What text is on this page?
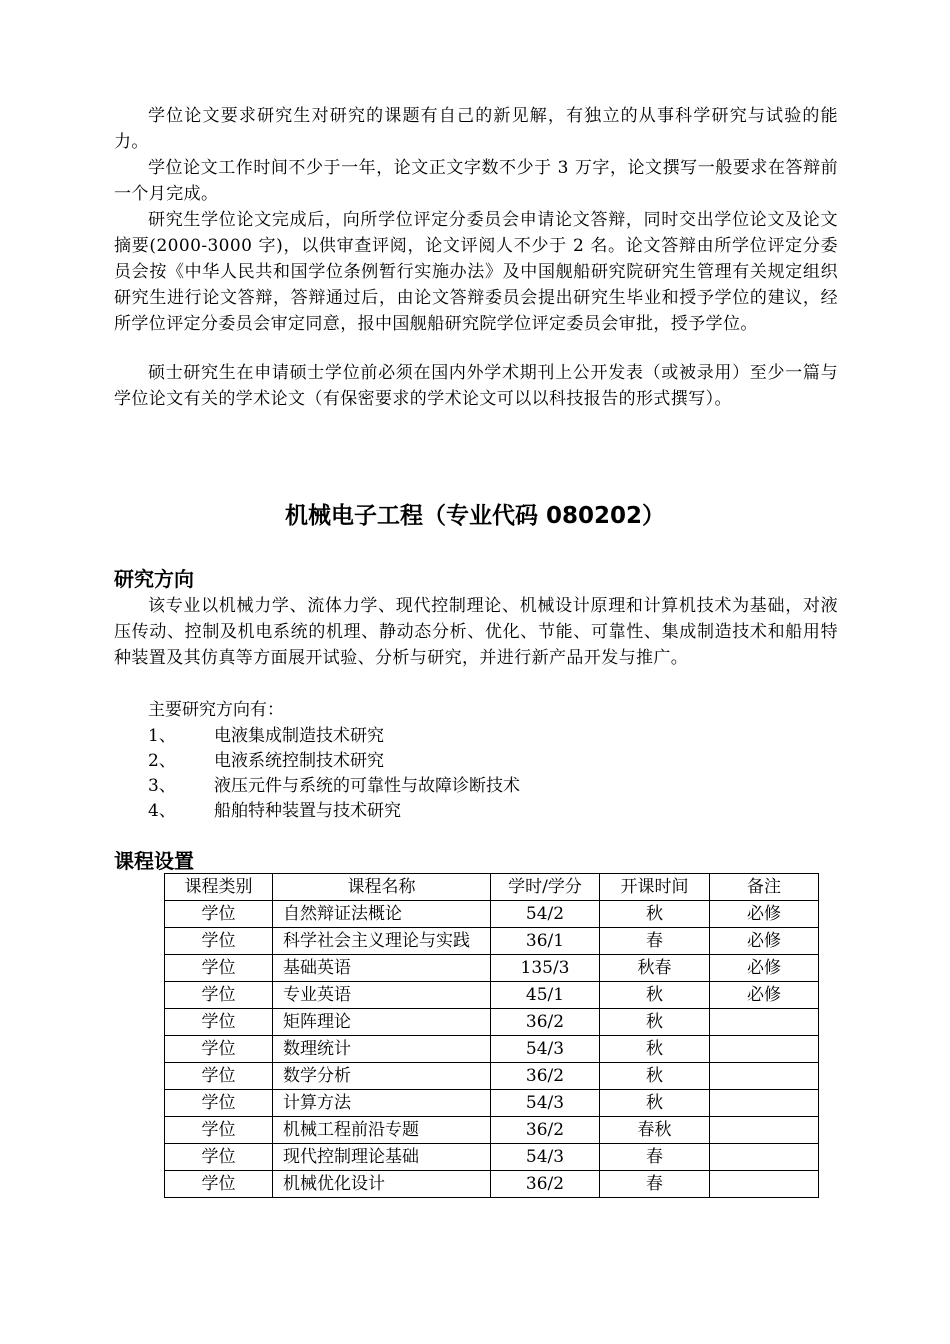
学位论文要求研究生对研究的课题有自己的新见解，有独立的从事科学研究与试验的能力。

学位论文工作时间不少于一年，论文正文字数不少于 3 万字，论文撰写一般要求在答辩前一个月完成。

研究生学位论文完成后，向所学位评定分委员会申请论文答辩，同时交出学位论文及论文摘要(2000-3000 字)，以供审查评阅，论文评阅人不少于 2 名。论文答辩由所学位评定分委员会按《中华人民共和国学位条例暂行实施办法》及中国舰船研究院研究生管理有关规定组织研究生进行论文答辩，答辩通过后，由论文答辩委员会提出研究生毕业和授予学位的建议，经所学位评定分委员会审定同意，报中国舰船研究院学位评定委员会审批，授予学位。

硕士研究生在申请硕士学位前必须在国内外学术期刊上公开发表（或被录用）至少一篇与学位论文有关的学术论文（有保密要求的学术论文可以以科技报告的形式撰写）。

机械电子工程（专业代码 080202）
研究方向

该专业以机械力学、流体力学、现代控制理论、机械设计原理和计算机技术为基础，对液压传动、控制及机电系统的机理、静动态分析、优化、节能、可靠性、集成制造技术和船用特种装置及其仿真等方面展开试验、分析与研究，并进行新产品开发与推广。

主要研究方向有：

1、	电液集成制造技术研究
2、	电液系统控制技术研究
3、	液压元件与系统的可靠性与故障诊断技术
4、	船舶特种装置与技术研究
课程设置
课程类别	课程名称	学时/学分	开课时间	备注
学位	自然辩证法概论	54/2	秋	必修
学位	科学社会主义理论与实践	36/1	春	必修
学位	基础英语	135/3	秋春	必修
学位	专业英语	45/1	秋	必修
学位	矩阵理论	36/2	秋	
学位	数理统计	54/3	秋	
学位	数学分析	36/2	秋	
学位	计算方法	54/3	秋	
学位	机械工程前沿专题	36/2	春秋	
学位	现代控制理论基础	54/3	春	
学位	机械优化设计	36/2	春	
